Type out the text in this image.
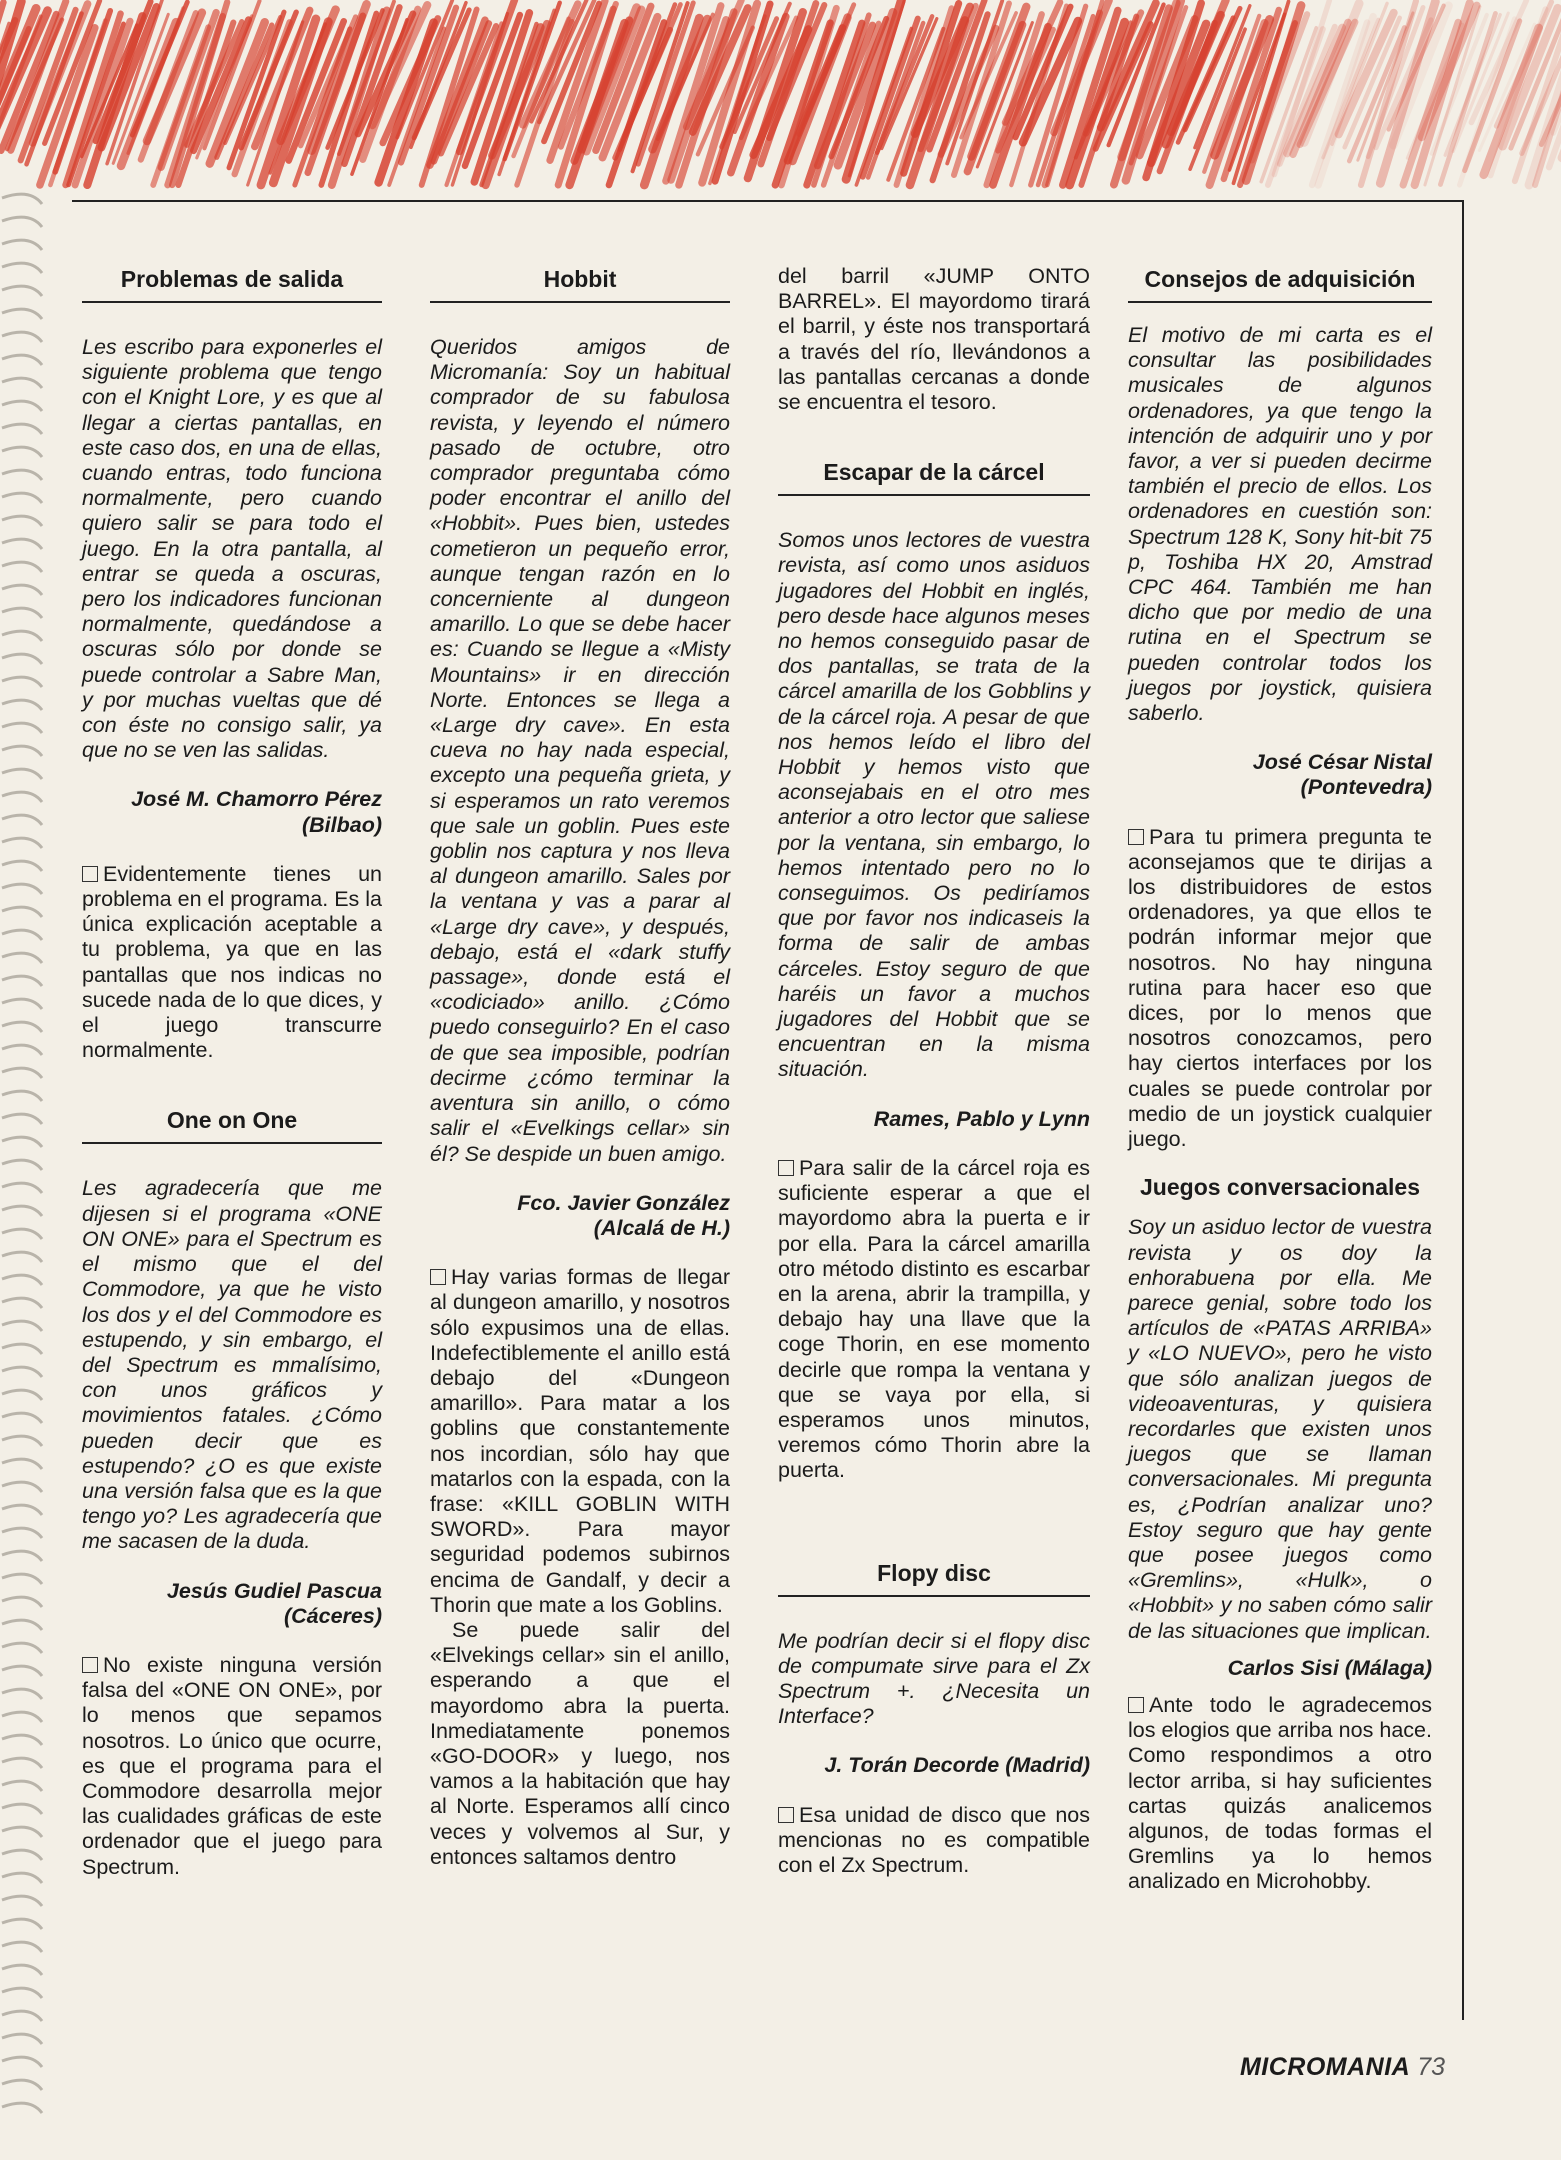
Problemas de salida

Les escribo para exponerles el siguiente problema que tengo con el Knight Lore, y es que al llegar a ciertas pantallas, en este caso dos, en una de ellas, cuando entras, todo funciona normalmente, pero cuando quiero salir se para todo el juego. En la otra pantalla, al entrar se queda a oscuras, pero los indicadores funcionan normalmente, quedándose a oscuras sólo por donde se puede controlar a Sabre Man, y por muchas vueltas que dé con éste no consigo salir, ya que no se ven las salidas.

José M. Chamorro Pérez
(Bilbao)

Evidentemente tienes un problema en el programa. Es la única explicación aceptable a tu problema, ya que en las pantallas que nos indicas no sucede nada de lo que dices, y el juego transcurre normalmente.

One on One

Les agradecería que me dijesen si el programa «ONE ON ONE» para el Spectrum es el mismo que el del Commodore, ya que he visto los dos y el del Commodore es estupendo, y sin embargo, el del Spectrum es mmalísimo, con unos gráficos y movimientos fatales. ¿Cómo pueden decir que es estupendo? ¿O es que existe una versión falsa que es la que tengo yo? Les agradecería que me sacasen de la duda.

Jesús Gudiel Pascua
(Cáceres)

No existe ninguna versión falsa del «ONE ON ONE», por lo menos que sepamos nosotros. Lo único que ocurre, es que el programa para el Commodore desarrolla mejor las cualidades gráficas de este ordenador que el juego para Spectrum.

Hobbit

Queridos amigos de Micromanía: Soy un habitual comprador de su fabulosa revista, y leyendo el número pasado de octubre, otro comprador preguntaba cómo poder encontrar el anillo del «Hobbit». Pues bien, ustedes cometieron un pequeño error, aunque tengan razón en lo concerniente al dungeon amarillo. Lo que se debe hacer es: Cuando se llegue a «Misty Mountains» ir en dirección Norte. Entonces se llega a «Large dry cave». En esta cueva no hay nada especial, excepto una pequeña grieta, y si esperamos un rato veremos que sale un goblin. Pues este goblin nos captura y nos lleva al dungeon amarillo. Sales por la ventana y vas a parar al «Large dry cave», y después, debajo, está el «dark stuffy passage», donde está el «codiciado» anillo. ¿Cómo puedo conseguirlo? En el caso de que sea imposible, podrían decirme ¿cómo terminar la aventura sin anillo, o cómo salir el «Evelkings cellar» sin él? Se despide un buen amigo.

Fco. Javier González
(Alcalá de H.)

Hay varias formas de llegar al dungeon amarillo, y nosotros sólo expusimos una de ellas. Indefectiblemente el anillo está debajo del «Dungeon amarillo». Para matar a los goblins que constantemente nos incordian, sólo hay que matarlos con la espada, con la frase: «KILL GOBLIN WITH SWORD». Para mayor seguridad podemos subirnos encima de Gandalf, y decir a Thorin que mate a los Goblins.

Se puede salir del «Elvekings cellar» sin el anillo, esperando a que el mayordomo abra la puerta. Inmediatamente ponemos «GO-DOOR» y luego, nos vamos a la habitación que hay al Norte. Esperamos allí cinco veces y volvemos al Sur, y entonces saltamos dentro

del barril «JUMP ONTO BARREL». El mayordomo tirará el barril, y éste nos transportará a través del río, llevándonos a las pantallas cercanas a donde se encuentra el tesoro.

Escapar de la cárcel

Somos unos lectores de vuestra revista, así como unos asiduos jugadores del Hobbit en inglés, pero desde hace algunos meses no hemos conseguido pasar de dos pantallas, se trata de la cárcel amarilla de los Gobblins y de la cárcel roja. A pesar de que nos hemos leído el libro del Hobbit y hemos visto que aconsejabais en el otro mes anterior a otro lector que saliese por la ventana, sin embargo, lo hemos intentado pero no lo conseguimos. Os pediríamos que por favor nos indicaseis la forma de salir de ambas cárceles. Estoy seguro de que haréis un favor a muchos jugadores del Hobbit que se encuentran en la misma situación.

Rames, Pablo y Lynn

Para salir de la cárcel roja es suficiente esperar a que el mayordomo abra la puerta e ir por ella. Para la cárcel amarilla otro método distinto es escarbar en la arena, abrir la trampilla, y debajo hay una llave que la coge Thorin, en ese momento decirle que rompa la ventana y que se vaya por ella, si esperamos unos minutos, veremos cómo Thorin abre la puerta.

Flopy disc

Me podrían decir si el flopy disc de compumate sirve para el Zx Spectrum +. ¿Necesita un Interface?

J. Torán Decorde (Madrid)

Esa unidad de disco que nos mencionas no es compatible con el Zx Spectrum.

Consejos de adquisición

El motivo de mi carta es el consultar las posibilidades musicales de algunos ordenadores, ya que tengo la intención de adquirir uno y por favor, a ver si pueden decirme también el precio de ellos. Los ordenadores en cuestión son: Spectrum 128 K, Sony hit-bit 75 p, Toshiba HX 20, Amstrad CPC 464. También me han dicho que por medio de una rutina en el Spectrum se pueden controlar todos los juegos por joystick, quisiera saberlo.

José César Nistal
(Pontevedra)

Para tu primera pregunta te aconsejamos que te dirijas a los distribuidores de estos ordenadores, ya que ellos te podrán informar mejor que nosotros. No hay ninguna rutina para hacer eso que dices, por lo menos que nosotros conozcamos, pero hay ciertos interfaces por los cuales se puede controlar por medio de un joystick cualquier juego.

Juegos conversacionales

Soy un asiduo lector de vuestra revista y os doy la enhorabuena por ella. Me parece genial, sobre todo los artículos de «PATAS ARRIBA» y «LO NUEVO», pero he visto que sólo analizan juegos de videoaventuras, y quisiera recordarles que existen unos juegos que se llaman conversacionales. Mi pregunta es, ¿Podrían analizar uno? Estoy seguro que hay gente que posee juegos como «Gremlins», «Hulk», o «Hobbit» y no saben cómo salir de las situaciones que implican.

Carlos Sisi (Málaga)

Ante todo le agradecemos los elogios que arriba nos hace. Como respondimos a otro lector arriba, si hay suficientes cartas quizás analicemos algunos, de todas formas el Gremlins ya lo hemos analizado en Microhobby.

MICROMANIA 73
